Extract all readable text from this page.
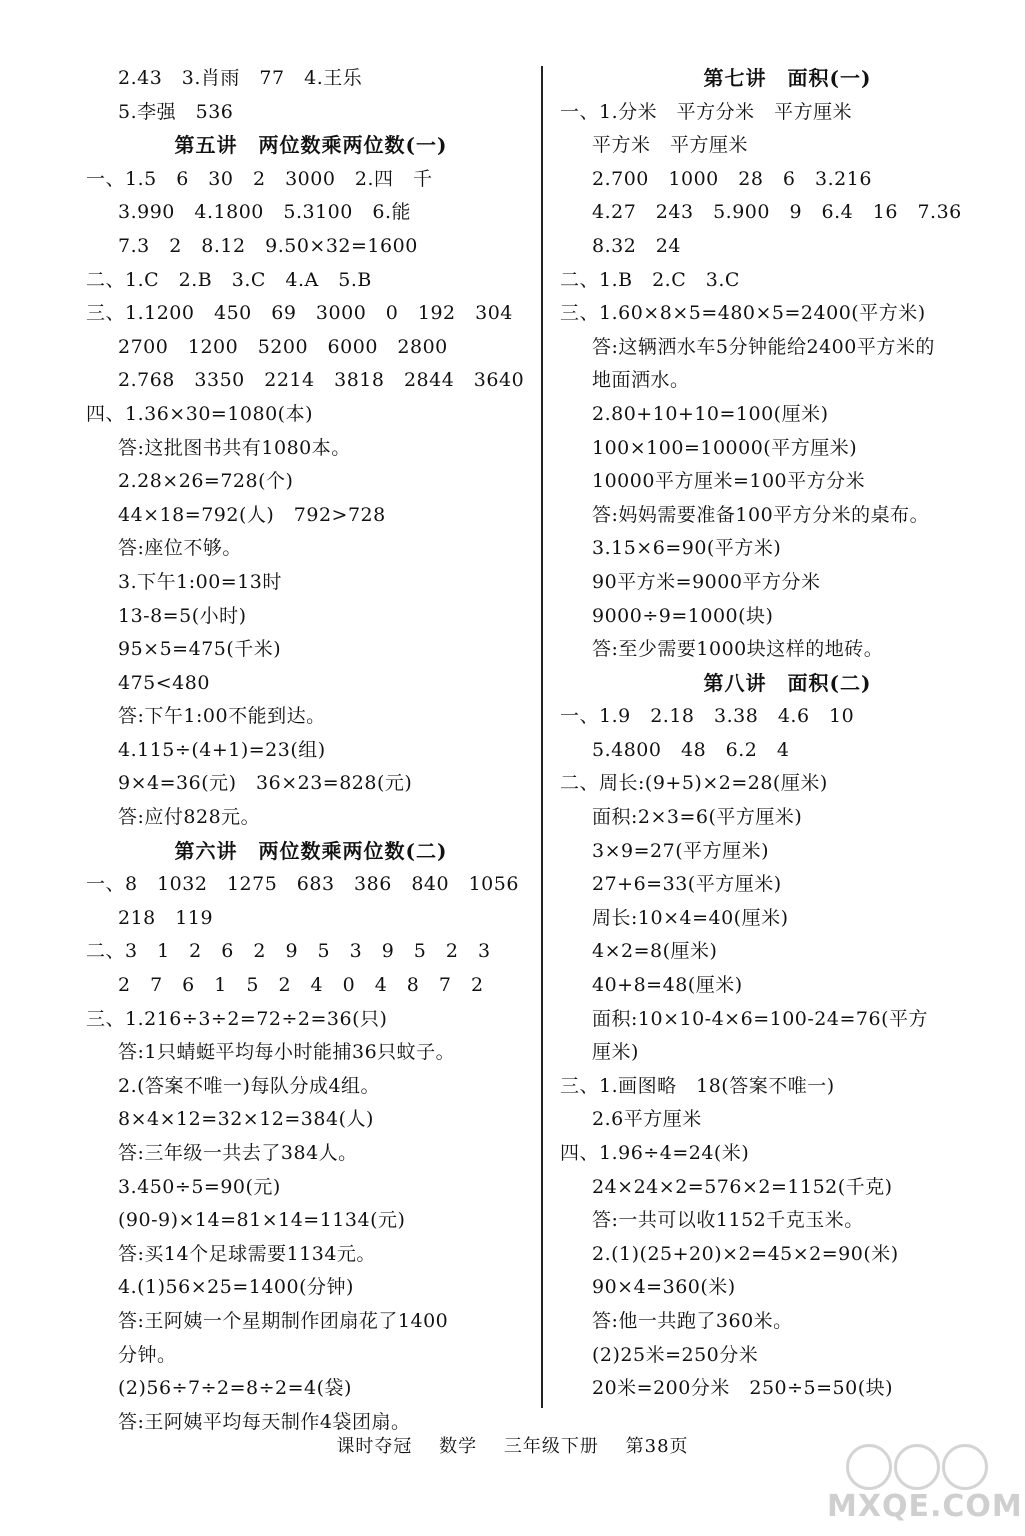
2.43　3.肖雨　77　4.王乐
5.李强　536
第五讲　两位数乘两位数(一)
一、1.5　6　30　2　3000　2.四　千
3.990　4.1800　5.3100　6.能
7.3　2　8.12　9.50×32=1600
二、1.C　2.B　3.C　4.A　5.B
三、1.1200　450　69　3000　0　192　304
2700　1200　5200　6000　2800
2.768　3350　2214　3818　2844　3640
四、1.36×30=1080(本)
答:这批图书共有1080本。
2.28×26=728(个)
44×18=792(人)　792>728
答:座位不够。
3.下午1:00=13时
13-8=5(小时)
95×5=475(千米)
475<480
答:下午1:00不能到达。
4.115÷(4+1)=23(组)
9×4=36(元)　36×23=828(元)
答:应付828元。
第六讲　两位数乘两位数(二)
一、8　1032　1275　683　386　840　1056
218　119
二、3　1　2　6　2　9　5　3　9　5　2　3
2　7　6　1　5　2　4　0　4　8　7　2
三、1.216÷3÷2=72÷2=36(只)
答:1只蜻蜓平均每小时能捕36只蚊子。
2.(答案不唯一)每队分成4组。
8×4×12=32×12=384(人)
答:三年级一共去了384人。
3.450÷5=90(元)
(90-9)×14=81×14=1134(元)
答:买14个足球需要1134元。
4.(1)56×25=1400(分钟)
答:王阿姨一个星期制作团扇花了1400
分钟。
(2)56÷7÷2=8÷2=4(袋)
答:王阿姨平均每天制作4袋团扇。
第七讲　面积(一)
一、1.分米　平方分米　平方厘米
平方米　平方厘米
2.700　1000　28　6　3.216
4.27　243　5.900　9　6.4　16　7.36
8.32　24
二、1.B　2.C　3.C
三、1.60×8×5=480×5=2400(平方米)
答:这辆洒水车5分钟能给2400平方米的
地面洒水。
2.80+10+10=100(厘米)
100×100=10000(平方厘米)
10000平方厘米=100平方分米
答:妈妈需要准备100平方分米的桌布。
3.15×6=90(平方米)
90平方米=9000平方分米
9000÷9=1000(块)
答:至少需要1000块这样的地砖。
第八讲　面积(二)
一、1.9　2.18　3.38　4.6　10
5.4800　48　6.2　4
二、周长:(9+5)×2=28(厘米)
面积:2×3=6(平方厘米)
3×9=27(平方厘米)
27+6=33(平方厘米)
周长:10×4=40(厘米)
4×2=8(厘米)
40+8=48(厘米)
面积:10×10-4×6=100-24=76(平方
厘米)
三、1.画图略　18(答案不唯一)
2.6平方厘米
四、1.96÷4=24(米)
24×24×2=576×2=1152(千克)
答:一共可以收1152千克玉米。
2.(1)(25+20)×2=45×2=90(米)
90×4=360(米)
答:他一共跑了360米。
(2)25米=250分米
20米=200分米　250÷5=50(块)
课时夺冠 数学 三年级下册 第38页
MXQE.COM
